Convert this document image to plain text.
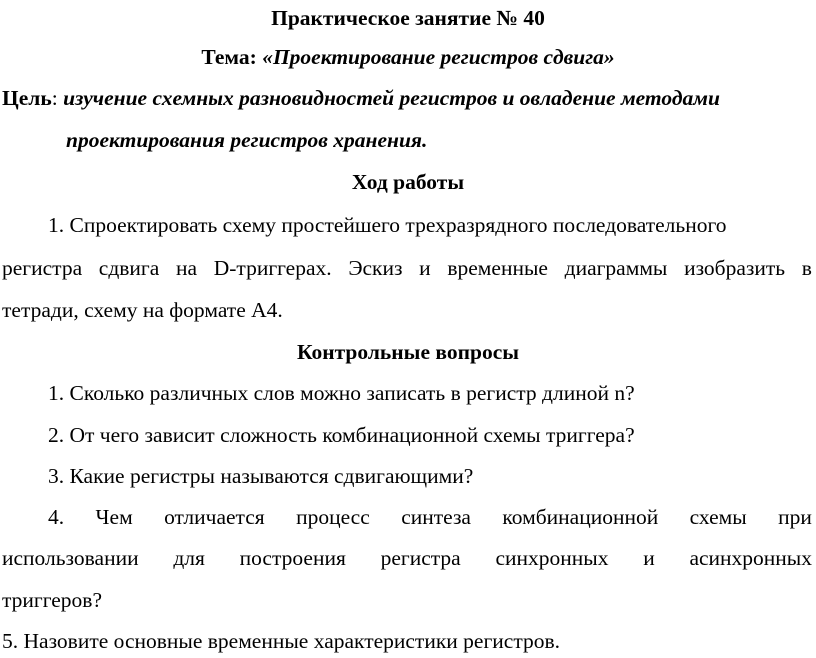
Практическое занятие № 40
Тема: «Проектирование регистров сдвига»
Цель: изучение схемных разновидностей регистров и овладение методами
проектирования регистров хранения.
Ход работы
1. Спроектировать схему простейшего трехразрядного последовательного
регистра сдвига на D-триггерах. Эскиз и временные диаграммы изобразить в
тетради, схему на формате А4.
Контрольные вопросы
1. Сколько различных слов можно записать в регистр длиной n?
2. От чего зависит сложность комбинационной схемы триггера?
3. Какие регистры называются сдвигающими?
4. Чем отличается процесс синтеза комбинационной схемы при
использовании для построения регистра синхронных и асинхронных
триггеров?
5. Назовите основные временные характеристики регистров.
